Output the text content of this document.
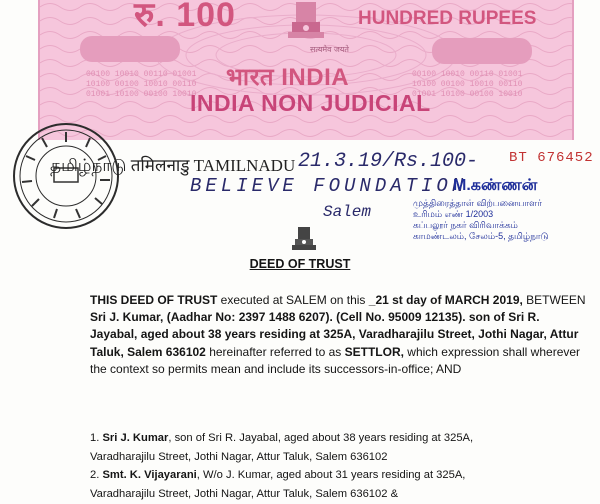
00100 10010 00110 01001 10100 00100 10010 00110 01001 10100 00100 10010
00100 10010 00110 01001 10100 00100 10010 00110 01001 10100 00100 10010
रु. 100	HUNDRED RUPEES
सत्यमेव जयते
भारत INDIA
INDIA NON JUDICIAL
தமிழ்நாடு तमिलनाडु TAMILNADU 21.3.19/Rs.100- BT 676452
BELIEVE FOUNDATION
Salem
M.கண்ணன்
முத்திரைத்தாள் விற்பனையாளர்
உரிமம் எண் 1/2003
கப்பலூர் நகர் விரிவாக்கம்
காமண்டலம், சேலம்-5, தமிழ்நாடு
DEED OF TRUST
THIS DEED OF TRUST executed at SALEM on this _21 st day of MARCH 2019, BETWEEN Sri J. Kumar, (Aadhar No: 2397 1488 6207). (Cell No. 95009 12135). son of Sri R. Jayabal, aged about 38 years residing at 325A, Varadharajilu Street, Jothi Nagar, Attur Taluk, Salem 636102 hereinafter referred to as SETTLOR, which expression shall wherever the context so permits mean and include its successors-in-office; AND
1. Sri J. Kumar, son of Sri R. Jayabal, aged about 38 years residing at 325A,
Varadharajilu Street, Jothi Nagar, Attur Taluk, Salem 636102
2. Smt. K. Vijayarani, W/o J. Kumar, aged about 31 years residing at 325A,
Varadharajilu Street, Jothi Nagar, Attur Taluk, Salem 636102 &
